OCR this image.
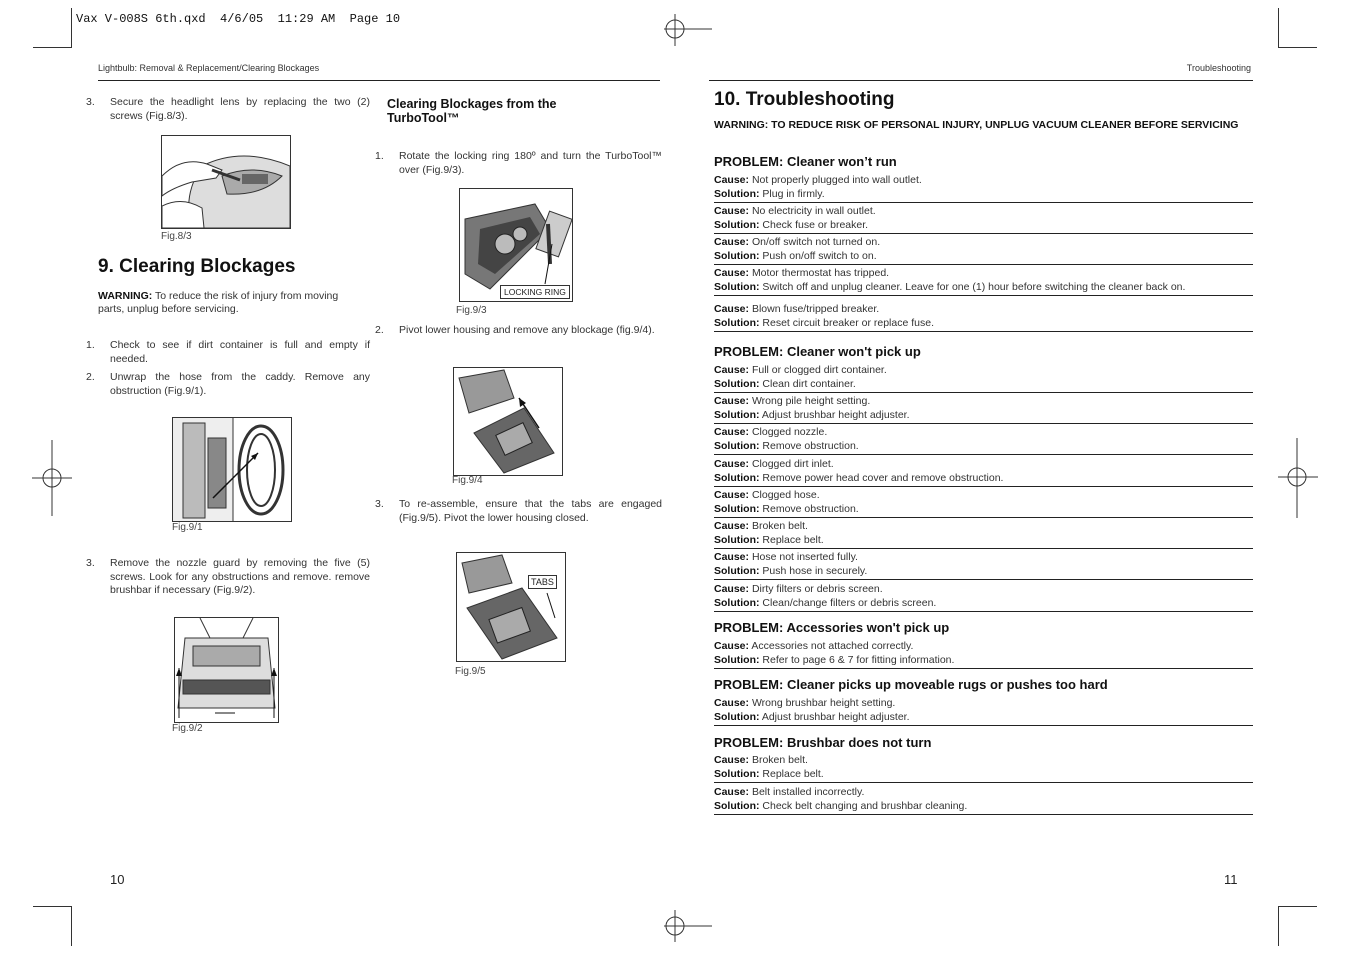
Vax V-008S 6th.qxd  4/6/05  11:29 AM  Page 10
Lightbulb: Removal & Replacement/Clearing Blockages	Troubleshooting
3. Secure the headlight lens by replacing the two (2) screws (Fig.8/3).
Fig.8/3
9. Clearing Blockages
WARNING: To reduce the risk of injury from moving parts, unplug before servicing.
1. Check to see if dirt container is full and empty if needed.
2. Unwrap the hose from the caddy. Remove any obstruction (Fig.9/1).
Fig.9/1
3. Remove the nozzle guard by removing the five (5) screws. Look for any obstructions and remove. remove brushbar if necessary (Fig.9/2).
Fig.9/2
Clearing Blockages from the TurboTool™
1. Rotate the locking ring 180º and turn the TurboTool™ over (Fig.9/3).
LOCKING RING
Fig.9/3
2. Pivot lower housing and remove any blockage (fig.9/4).
Fig.9/4
3. To re-assemble, ensure that the tabs are engaged (Fig.9/5). Pivot the lower housing closed.
TABS
Fig.9/5
10. Troubleshooting
WARNING: TO REDUCE RISK OF PERSONAL INJURY, UNPLUG VACUUM CLEANER BEFORE SERVICING
PROBLEM: Cleaner won’t run
Cause: Not properly plugged into wall outlet.
Solution: Plug in firmly.
Cause: No electricity in wall outlet.
Solution: Check fuse or breaker.
Cause: On/off switch not turned on.
Solution: Push on/off switch to on.
Cause: Motor thermostat has tripped.
Solution: Switch off and unplug cleaner. Leave for one (1) hour before switching the cleaner back on.
Cause: Blown fuse/tripped breaker.
Solution: Reset circuit breaker or replace fuse.
PROBLEM: Cleaner won't pick up
Cause: Full or clogged dirt container.
Solution: Clean dirt container.
Cause: Wrong pile height setting.
Solution: Adjust brushbar height adjuster.
Cause: Clogged nozzle.
Solution: Remove obstruction.
Cause: Clogged dirt inlet.
Solution: Remove power head cover and remove obstruction.
Cause: Clogged hose.
Solution: Remove obstruction.
Cause: Broken belt.
Solution: Replace belt.
Cause: Hose not inserted fully.
Solution: Push hose in securely.
Cause: Dirty filters or debris screen.
Solution: Clean/change filters or debris screen.
PROBLEM: Accessories won't pick up
Cause: Accessories not attached correctly.
Solution: Refer to page 6 & 7 for fitting information.
PROBLEM: Cleaner picks up moveable rugs or pushes too hard
Cause: Wrong brushbar height setting.
Solution: Adjust brushbar height adjuster.
PROBLEM: Brushbar does not turn
Cause: Broken belt.
Solution: Replace belt.
Cause: Belt installed incorrectly.
Solution: Check belt changing and brushbar cleaning.
10	11
